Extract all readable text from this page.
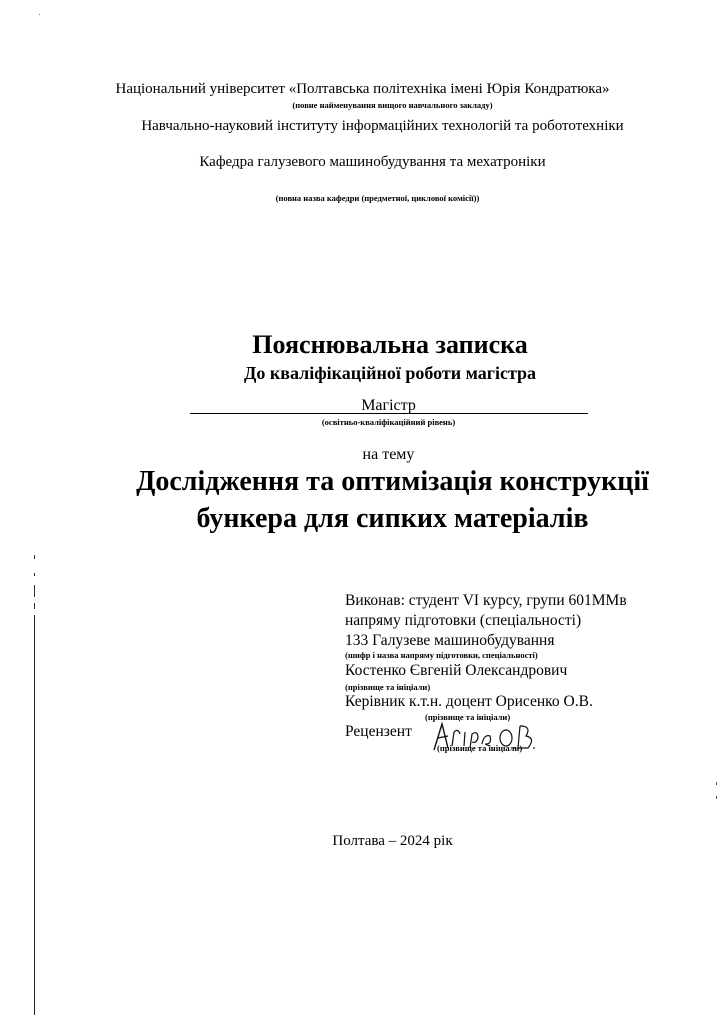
Національний університет «Полтавська політехніка імені Юрія Кондратюка»
(повне найменування вищого навчального закладу)
Навчально-науковий інституту інформаційних технологій та робототехніки
Кафедра галузевого машинобудування та мехатроніки
(повна назва кафедри (предметної, циклової комісії))
Пояснювальна записка
До кваліфікаційної роботи магістра
Магістр
(освітньо-кваліфікаційний рівень)
на тему
Дослідження та оптимізація конструкції
бункера для сипких матеріалів
Виконав: студент VI курсу, групи 601ММв
напряму підготовки (спеціальності)
133 Галузеве машинобудування
(шифр і назва напряму підготовки, спеціальності)
Костенко Євгеній Олександрович
(прізвище та ініціали)
Керівник к.т.н. доцент Орисенко О.В.
(прізвище та ініціали)
Рецензент
(прізвище та ініціали)
Полтава – 2024 рік
